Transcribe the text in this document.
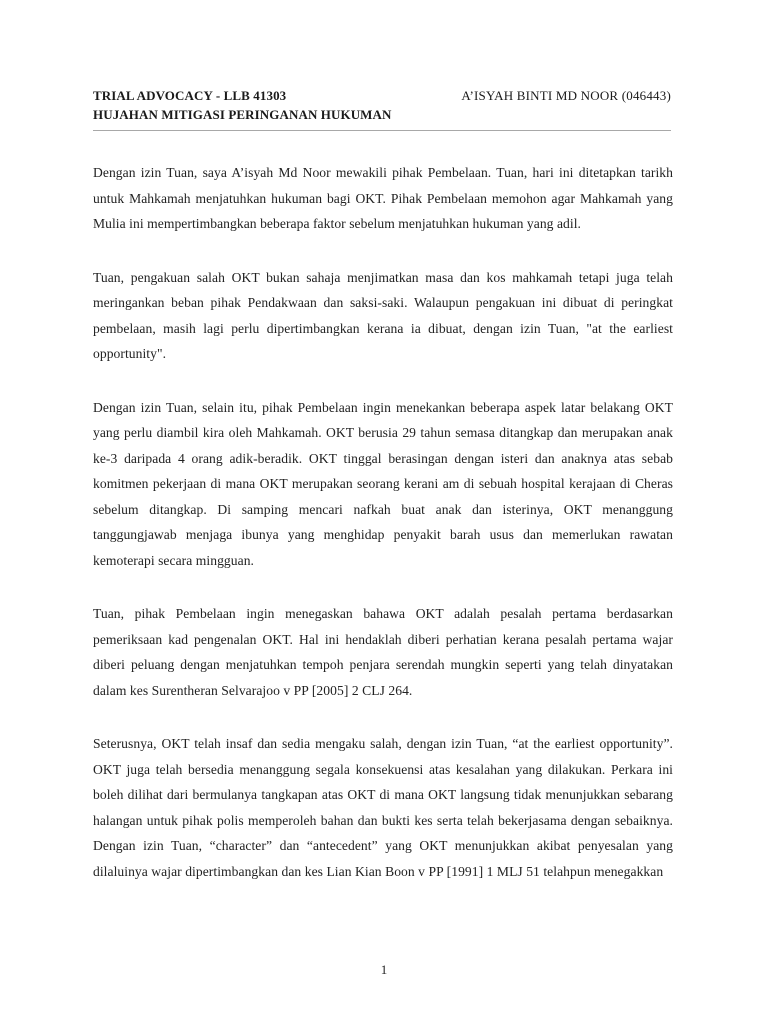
TRIAL ADVOCACY - LLB 41303	A’ISYAH BINTI MD NOOR (046443)
HUJAHAN MITIGASI PERINGANAN HUKUMAN

Dengan izin Tuan, saya A’isyah Md Noor mewakili pihak Pembelaan. Tuan, hari ini ditetapkan tarikh untuk Mahkamah menjatuhkan hukuman bagi OKT. Pihak Pembelaan memohon agar Mahkamah yang Mulia ini mempertimbangkan beberapa faktor sebelum menjatuhkan hukuman yang adil.

Tuan, pengakuan salah OKT bukan sahaja menjimatkan masa dan kos mahkamah tetapi juga telah meringankan beban pihak Pendakwaan dan saksi-saki. Walaupun pengakuan ini dibuat di peringkat pembelaan, masih lagi perlu dipertimbangkan kerana ia dibuat, dengan izin Tuan, "at the earliest opportunity".

Dengan izin Tuan, selain itu, pihak Pembelaan ingin menekankan beberapa aspek latar belakang OKT yang perlu diambil kira oleh Mahkamah. OKT berusia 29 tahun semasa ditangkap dan merupakan anak ke-3 daripada 4 orang adik-beradik. OKT tinggal berasingan dengan isteri dan anaknya atas sebab komitmen pekerjaan di mana OKT merupakan seorang kerani am di sebuah hospital kerajaan di Cheras sebelum ditangkap. Di samping mencari nafkah buat anak dan isterinya, OKT menanggung tanggungjawab menjaga ibunya yang menghidap penyakit barah usus dan memerlukan rawatan kemoterapi secara mingguan.

Tuan, pihak Pembelaan ingin menegaskan bahawa OKT adalah pesalah pertama berdasarkan pemeriksaan kad pengenalan OKT. Hal ini hendaklah diberi perhatian kerana pesalah pertama wajar diberi peluang dengan menjatuhkan tempoh penjara serendah mungkin seperti yang telah dinyatakan dalam kes Surentheran Selvarajoo v PP [2005] 2 CLJ 264.

Seterusnya, OKT telah insaf dan sedia mengaku salah, dengan izin Tuan, “at the earliest opportunity”. OKT juga telah bersedia menanggung segala konsekuensi atas kesalahan yang dilakukan. Perkara ini boleh dilihat dari bermulanya tangkapan atas OKT di mana OKT langsung tidak menunjukkan sebarang halangan untuk pihak polis memperoleh bahan dan bukti kes serta telah bekerjasama dengan sebaiknya. Dengan izin Tuan, “character” dan “antecedent” yang OKT menunjukkan akibat penyesalan yang dilaluinya wajar dipertimbangkan dan kes Lian Kian Boon v PP [1991] 1 MLJ 51 telahpun menegakkan

1
